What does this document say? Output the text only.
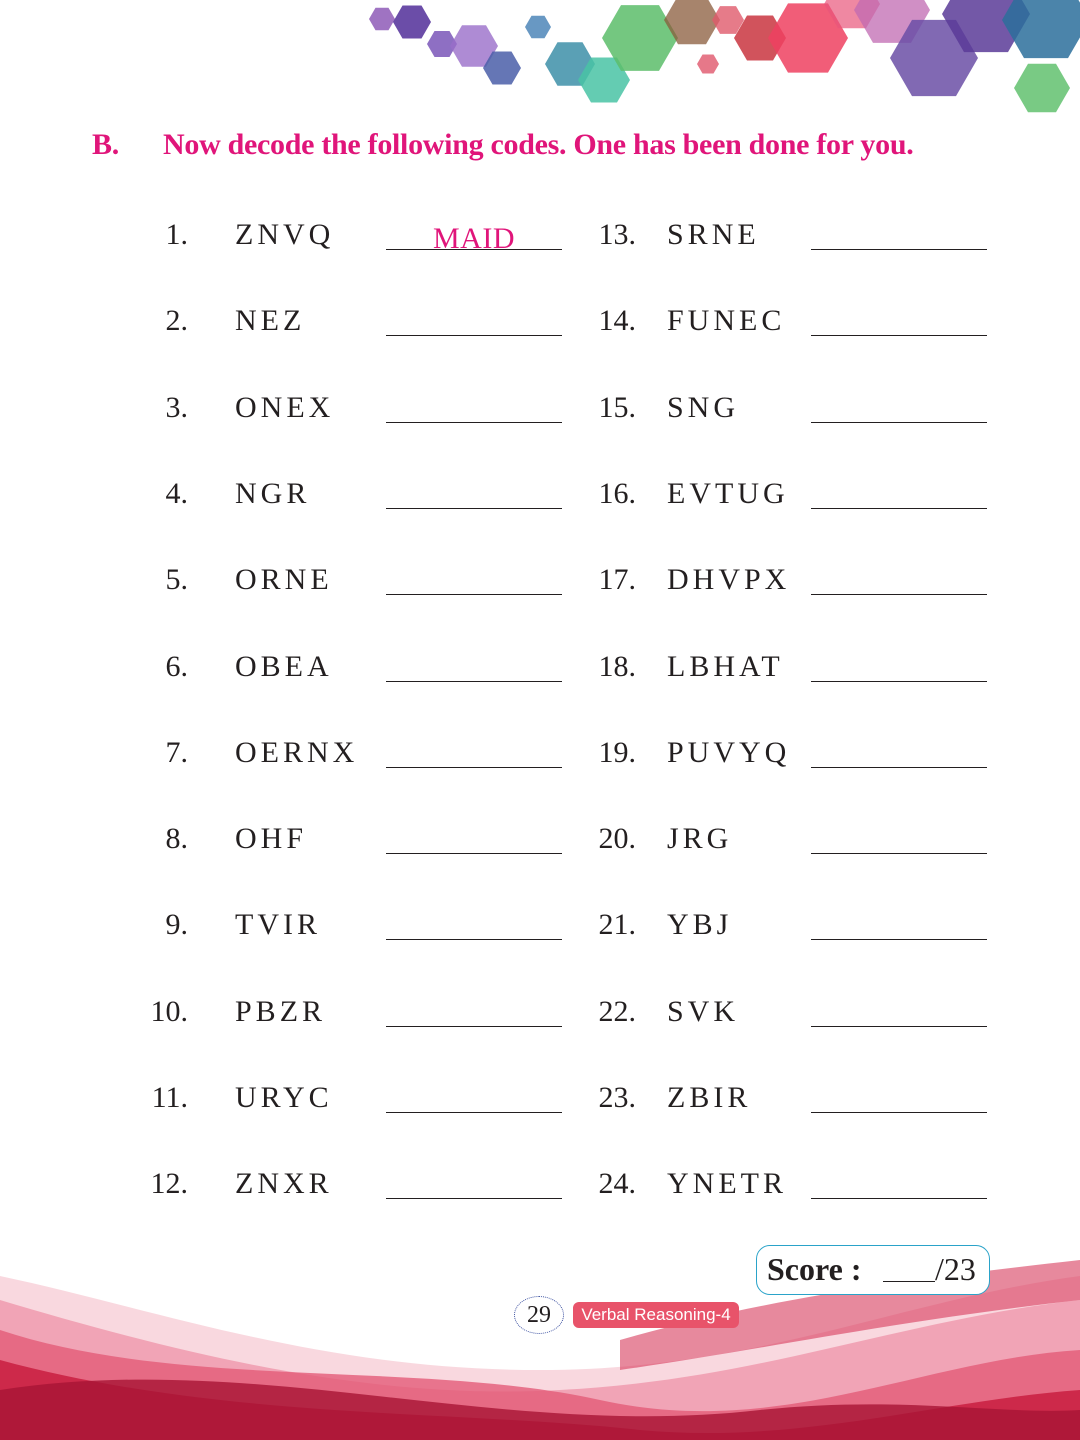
B. Now decode the following codes. One has been done for you.
1. ZNVQ	MAID
2. NEZ
3. ONEX
4. NGR
5. ORNE
6. OBEA
7. OERNX
8. OHF
9. TVIR
10. PBZR
11. URYC
12. ZNXR
13. SRNE
14. FUNEC
15. SNG
16. EVTUG
17. DHVPX
18. LBHAT
19. PUVYQ
20. JRG
21. YBJ
22. SVK
23. ZBIR
24. YNETR
Score : /23
29	Verbal Reasoning-4
